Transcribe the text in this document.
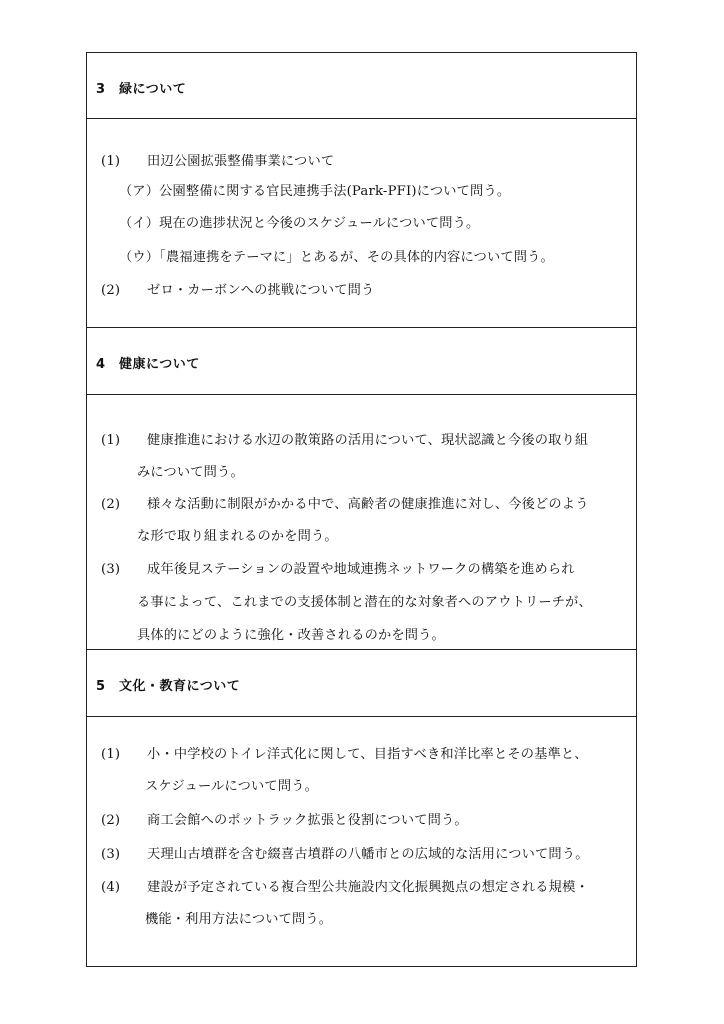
3　緑について
(1)　　田辺公園拡張整備事業について
（ア）公園整備に関する官民連携手法(Park-PFI)について問う。
（イ）現在の進捗状況と今後のスケジュールについて問う。
（ウ）「農福連携をテーマに」とあるが、その具体的内容について問う。
(2)　　ゼロ・カーボンへの挑戦について問う
4　健康について
(1)　　健康推進における水辺の散策路の活用について、現状認識と今後の取り組
みについて問う。
(2)　　様々な活動に制限がかかる中で、高齢者の健康推進に対し、今後どのよう
な形で取り組まれるのかを問う。
(3)　　成年後見ステーションの設置や地域連携ネットワークの構築を進められ
る事によって、これまでの支援体制と潜在的な対象者へのアウトリーチが、
具体的にどのように強化・改善されるのかを問う。
5　文化・教育について
(1)　　小・中学校のトイレ洋式化に関して、目指すべき和洋比率とその基準と、
スケジュールについて問う。
(2)　　商工会館へのポットラック拡張と役割について問う。
(3)　　天理山古墳群を含む綴喜古墳群の八幡市との広域的な活用について問う。
(4)　　建設が予定されている複合型公共施設内文化振興拠点の想定される規模・
機能・利用方法について問う。
